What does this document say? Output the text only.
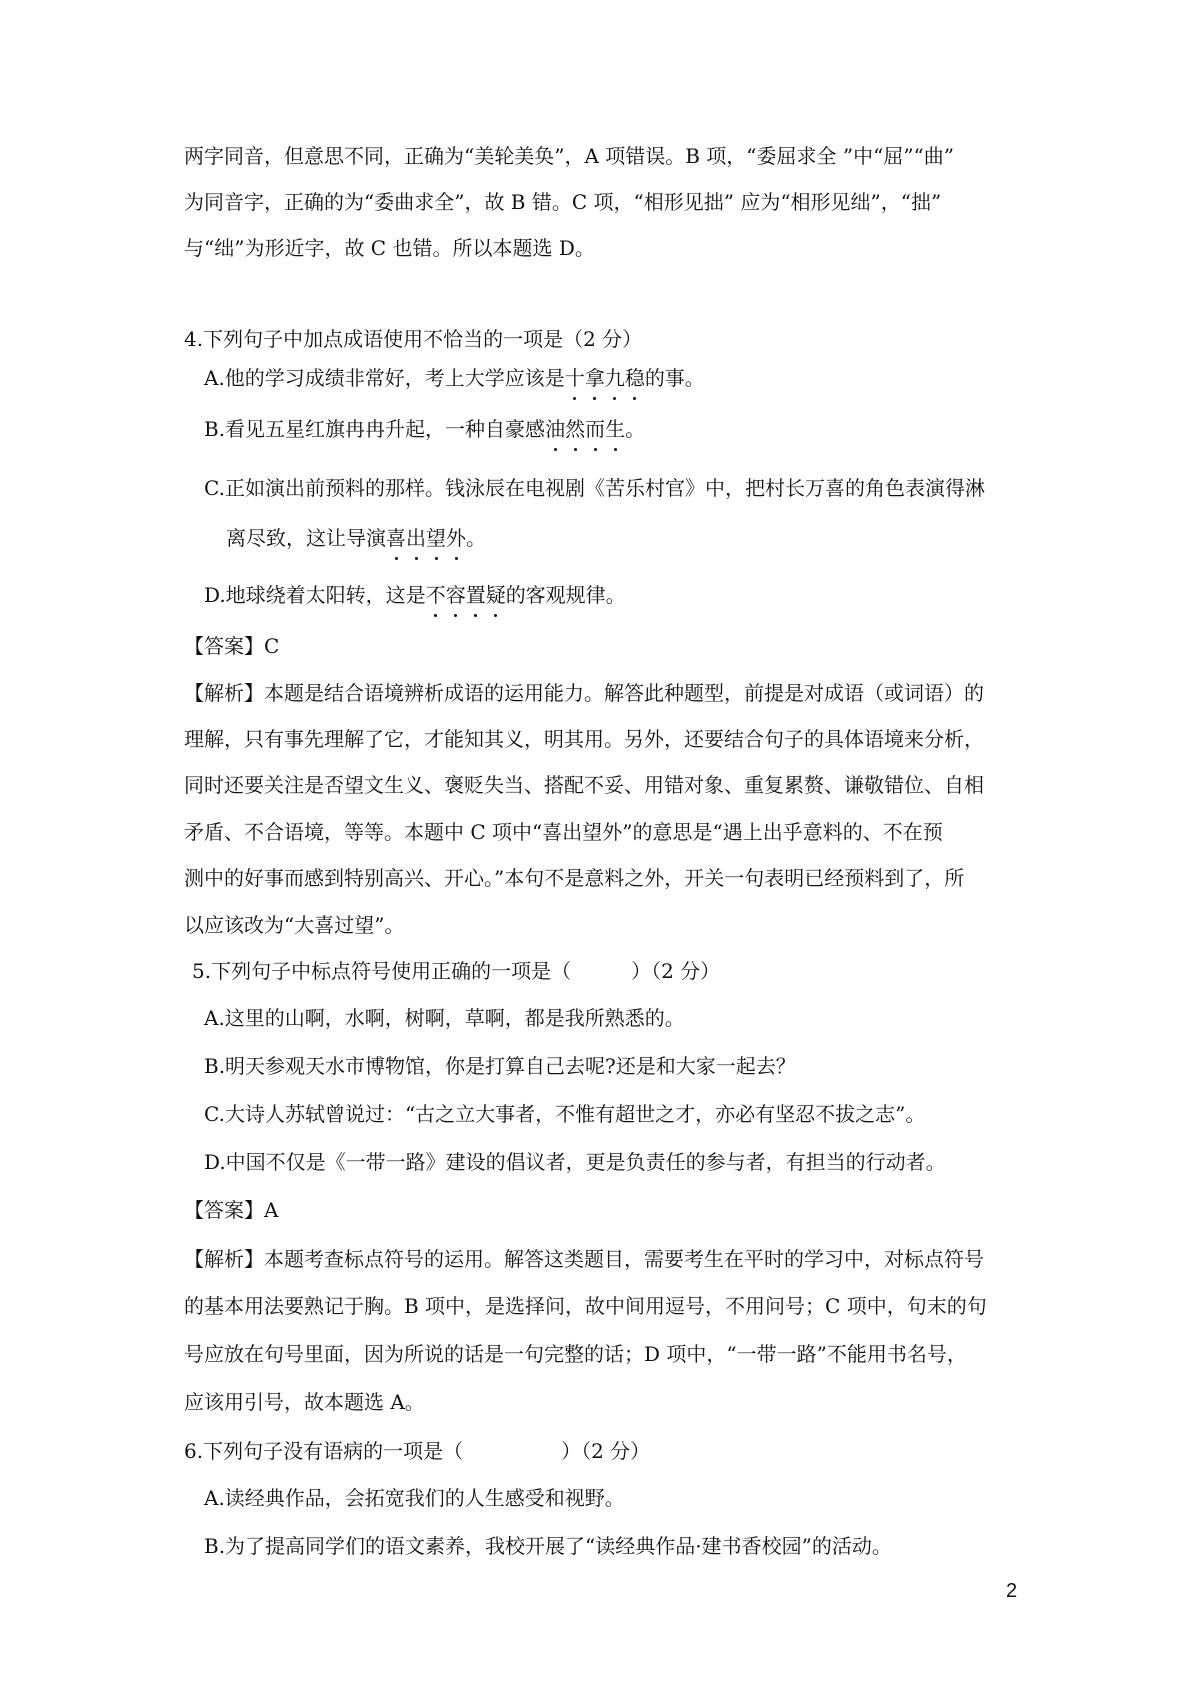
两字同音，但意思不同，正确为“美轮美奂”，A 项错误。B 项，“委屈求全 ”中“屈”“曲”
为同音字，正确的为“委曲求全”，故 B 错。C 项，“相形见拙” 应为“相形见绌”，“拙”
与“绌”为形近字，故 C 也错。所以本题选 D。
4.下列句子中加点成语使用不恰当的一项是（2 分）
A.他的学习成绩非常好，考上大学应该是十拿九稳的事。
B.看见五星红旗冉冉升起，一种自豪感油然而生。
C.正如演出前预料的那样。钱泳辰在电视剧《苦乐村官》中，把村长万喜的角色表演得淋
离尽致，这让导演喜出望外。
D.地球绕着太阳转，这是不容置疑的客观规律。
【答案】C
【解析】本题是结合语境辨析成语的运用能力。解答此种题型，前提是对成语（或词语）的
理解，只有事先理解了它，才能知其义，明其用。另外，还要结合句子的具体语境来分析，
同时还要关注是否望文生义、褒贬失当、搭配不妥、用错对象、重复累赘、谦敬错位、自相
矛盾、不合语境，等等。本题中 C 项中“喜出望外”的意思是“遇上出乎意料的、不在预
测中的好事而感到特别高兴、开心。”本句不是意料之外，开关一句表明已经预料到了，所
以应该改为“大喜过望”。
5.下列句子中标点符号使用正确的一项是（	）（2 分）
A.这里的山啊，水啊，树啊，草啊，都是我所熟悉的。
B.明天参观天水市博物馆，你是打算自己去呢?还是和大家一起去？
C.大诗人苏轼曾说过：“古之立大事者，不惟有超世之才，亦必有坚忍不拔之志”。
D.中国不仅是《一带一路》建设的倡议者，更是负责任的参与者，有担当的行动者。
【答案】A
【解析】本题考查标点符号的运用。解答这类题目，需要考生在平时的学习中，对标点符号
的基本用法要熟记于胸。B 项中，是选择问，故中间用逗号，不用问号；C 项中，句末的句
号应放在句号里面，因为所说的话是一句完整的话；D 项中，“一带一路”不能用书名号，
应该用引号，故本题选 A。
6.下列句子没有语病的一项是（	）（2 分）
A.读经典作品，会拓宽我们的人生感受和视野。
B.为了提高同学们的语文素养，我校开展了“读经典作品·建书香校园”的活动。
2
